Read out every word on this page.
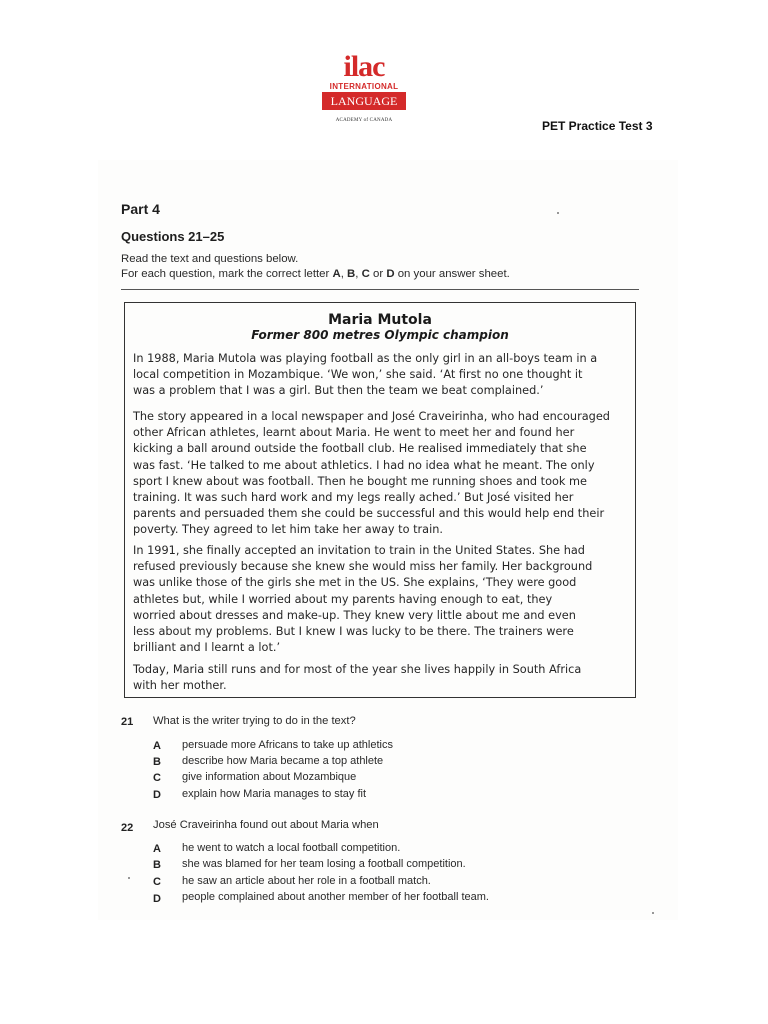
ilac
INTERNATIONAL
LANGUAGE
ACADEMY of CANADA	PET Practice Test 3
Part 4
Questions 21–25
Read the text and questions below.
For each question, mark the correct letter A, B, C or D on your answer sheet.
Maria Mutola
Former 800 metres Olympic champion
In 1988, Maria Mutola was playing football as the only girl in an all-boys team in a
local competition in Mozambique. ‘We won,’ she said. ‘At first no one thought it
was a problem that I was a girl. But then the team we beat complained.’
The story appeared in a local newspaper and José Craveirinha, who had encouraged
other African athletes, learnt about Maria. He went to meet her and found her
kicking a ball around outside the football club. He realised immediately that she
was fast. ‘He talked to me about athletics. I had no idea what he meant. The only
sport I knew about was football. Then he bought me running shoes and took me
training. It was such hard work and my legs really ached.’ But José visited her
parents and persuaded them she could be successful and this would help end their
poverty. They agreed to let him take her away to train.
In 1991, she finally accepted an invitation to train in the United States. She had
refused previously because she knew she would miss her family. Her background
was unlike those of the girls she met in the US. She explains, ‘They were good
athletes but, while I worried about my parents having enough to eat, they
worried about dresses and make-up. They knew very little about me and even
less about my problems. But I knew I was lucky to be there. The trainers were
brilliant and I learnt a lot.’
Today, Maria still runs and for most of the year she lives happily in South Africa
with her mother.
21 What is the writer trying to do in the text?
A persuade more Africans to take up athletics
B describe how Maria became a top athlete
C give information about Mozambique
D explain how Maria manages to stay fit
22 José Craveirinha found out about Maria when
A he went to watch a local football competition.
B she was blamed for her team losing a football competition.
C he saw an article about her role in a football match.
D people complained about another member of her football team.
